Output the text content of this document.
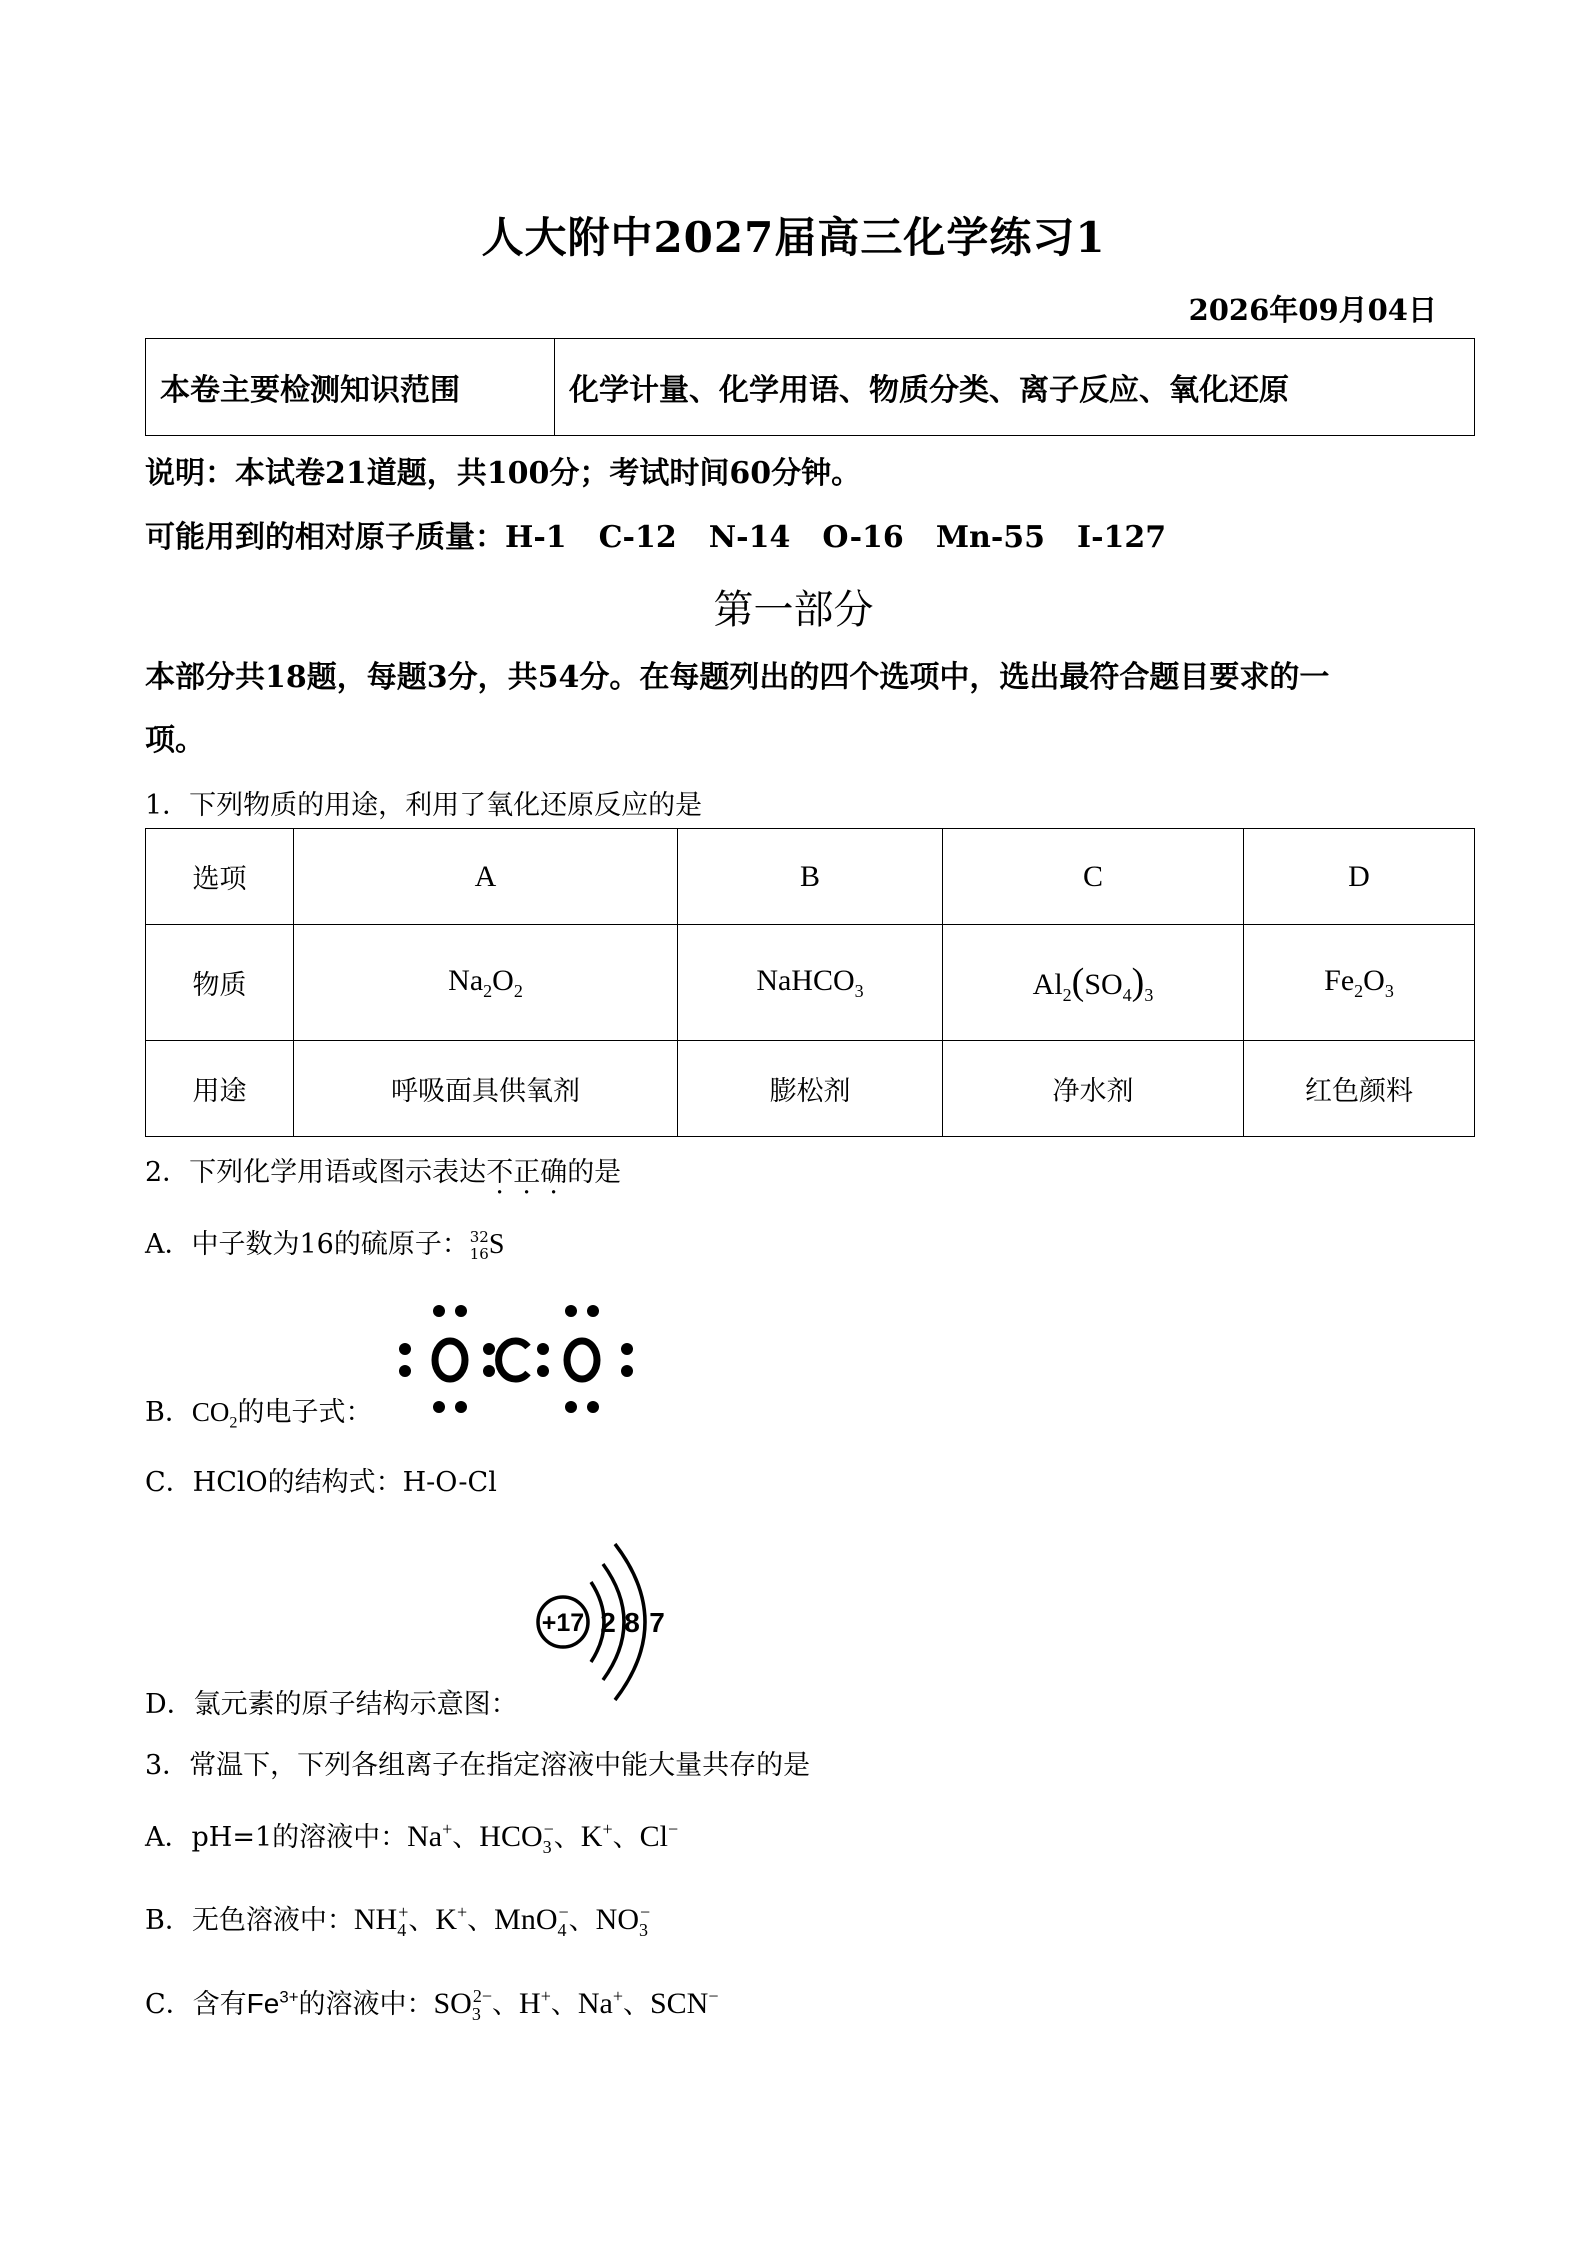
人大附中2027届高三化学练习1
2026年09月04日
本卷主要检测知识范围	化学计量、化学用语、物质分类、离子反应、氧化还原
说明：本试卷21道题，共100分；考试时间60分钟。
可能用到的相对原子质量：H-1 C-12 N-14 O-16 Mn-55 I-127
第一部分
本部分共18题，每题3分，共54分。在每题列出的四个选项中，选出最符合题目要求的一
项。
1．下列物质的用途，利用了氧化还原反应的是
选项	A	B	C	D
物质	$Na_2O_2$	NaHCO$_3$	$Al_2(SO_4)_3$	$Fe_2O_3$
用途	呼吸面具供氧剂	膨松剂	净水剂	红色颜料
2．下列化学用语或图示表达不正确的是
A．中子数为16的硫原子： 32
16 S
B．$CO_2$的电子式：
C．HClO的结构式：H-O-Cl
+17 2 8 7
D．氯元素的原子结构示意图：
3．常温下，下列各组离子在指定溶液中能大量共存的是
A．pH=1的溶液中：Na+、$HCO_3^-$、K+、Cl−
B．无色溶液中：$NH_4^+$、K+、MnO$_4$−、$NO_3^-$
C．含有$Fe^{3+}$的溶液中：$SO_3^{2-}$、H+、Na+、SCN−
